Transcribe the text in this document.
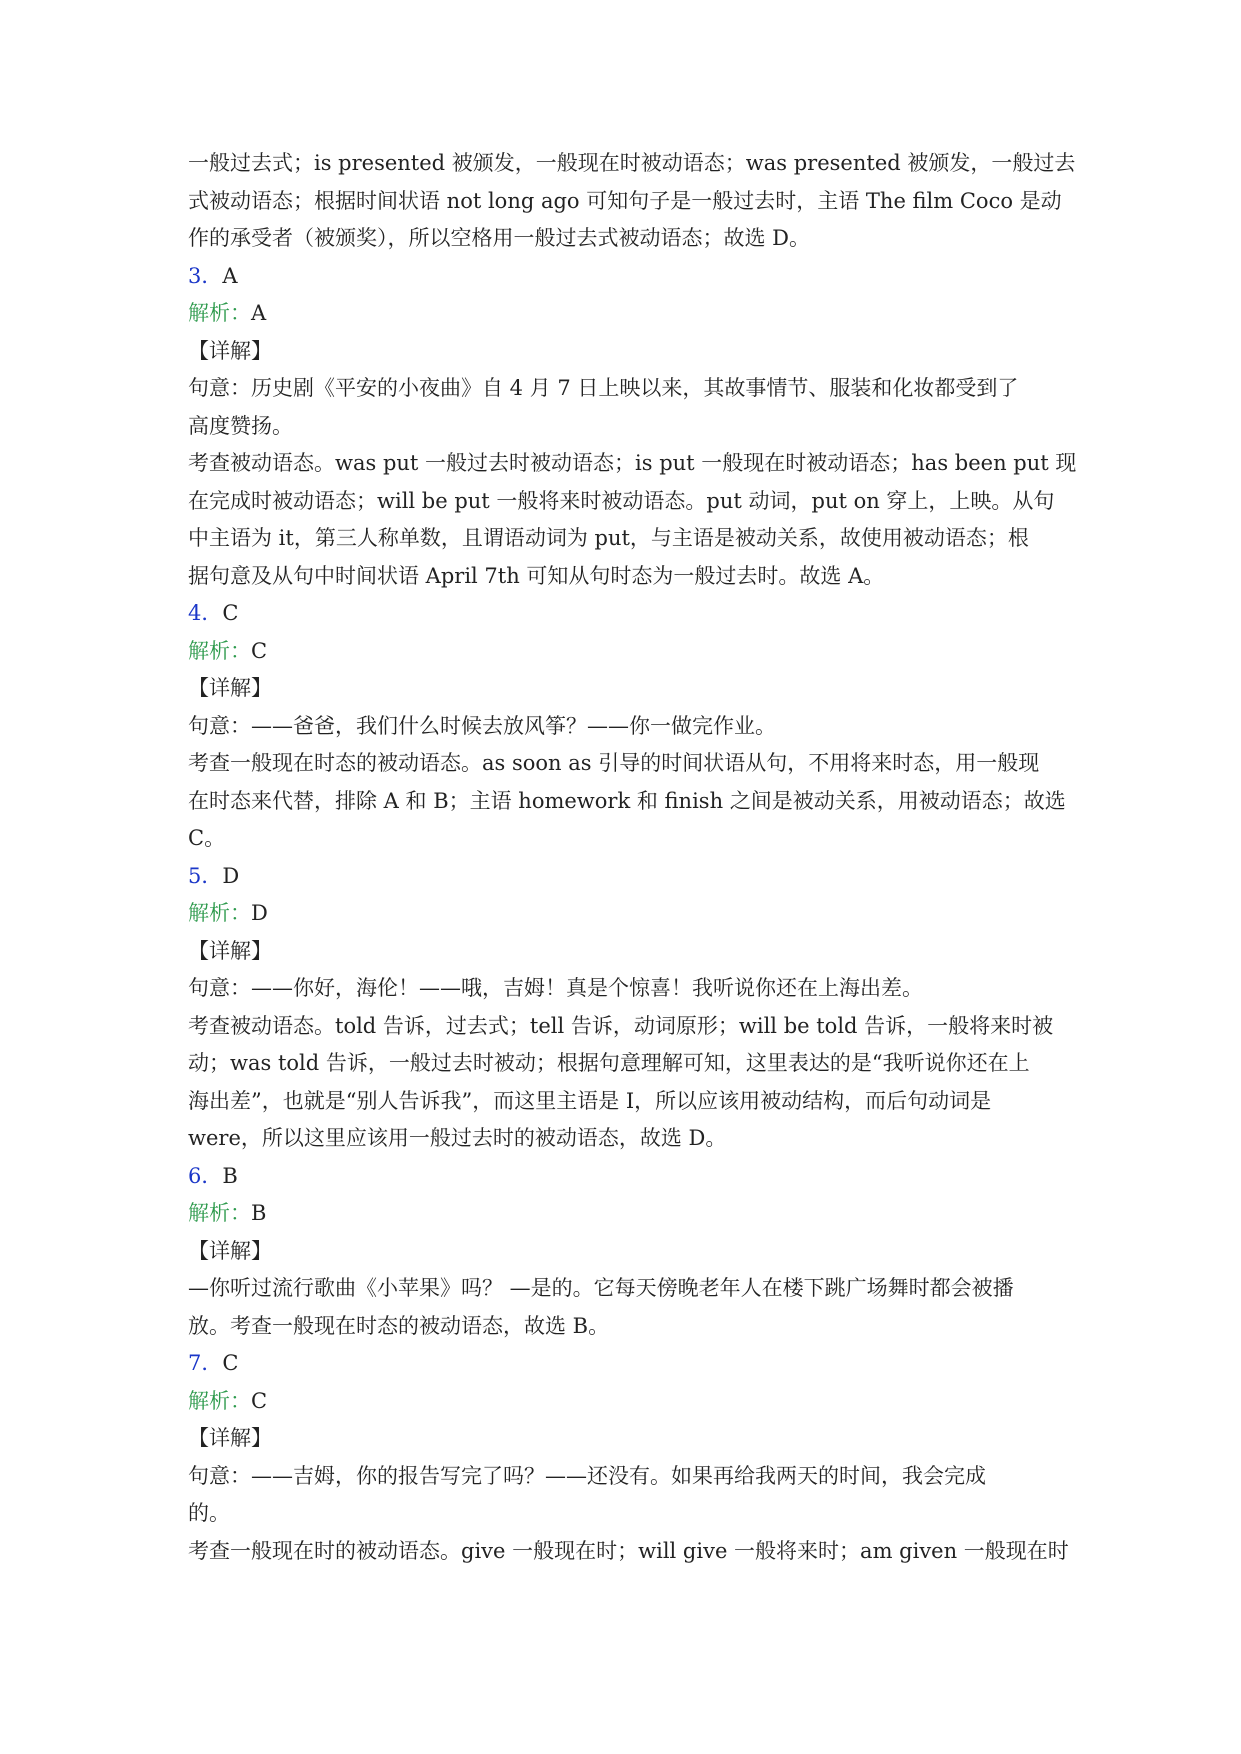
一般过去式；is presented 被颁发，一般现在时被动语态；was presented 被颁发，一般过去
式被动语态；根据时间状语 not long ago 可知句子是一般过去时，主语 The film Coco 是动
作的承受者（被颁奖），所以空格用一般过去式被动语态；故选 D。
3．A
解析：A
【详解】
句意：历史剧《平安的小夜曲》自 4 月 7 日上映以来，其故事情节、服装和化妆都受到了
高度赞扬。
考查被动语态。was put 一般过去时被动语态；is put 一般现在时被动语态；has been put 现
在完成时被动语态；will be put 一般将来时被动语态。put 动词，put on 穿上，上映。从句
中主语为 it，第三人称单数，且谓语动词为 put，与主语是被动关系，故使用被动语态；根
据句意及从句中时间状语 April 7th 可知从句时态为一般过去时。故选 A。
4．C
解析：C
【详解】
句意：——爸爸，我们什么时候去放风筝？——你一做完作业。
考查一般现在时态的被动语态。as soon as 引导的时间状语从句，不用将来时态，用一般现
在时态来代替，排除 A 和 B；主语 homework 和 finish 之间是被动关系，用被动语态；故选
C。
5．D
解析：D
【详解】
句意：——你好，海伦！——哦，吉姆！真是个惊喜！我听说你还在上海出差。
考查被动语态。told 告诉，过去式；tell 告诉，动词原形；will be told 告诉，一般将来时被
动；was told 告诉，一般过去时被动；根据句意理解可知，这里表达的是“我听说你还在上
海出差”，也就是“别人告诉我”，而这里主语是 I，所以应该用被动结构，而后句动词是
were，所以这里应该用一般过去时的被动语态，故选 D。
6．B
解析：B
【详解】
—你听过流行歌曲《小苹果》吗？ —是的。它每天傍晚老年人在楼下跳广场舞时都会被播
放。考查一般现在时态的被动语态，故选 B。
7．C
解析：C
【详解】
句意：——吉姆，你的报告写完了吗？——还没有。如果再给我两天的时间，我会完成
的。
考查一般现在时的被动语态。give 一般现在时；will give 一般将来时；am given 一般现在时
